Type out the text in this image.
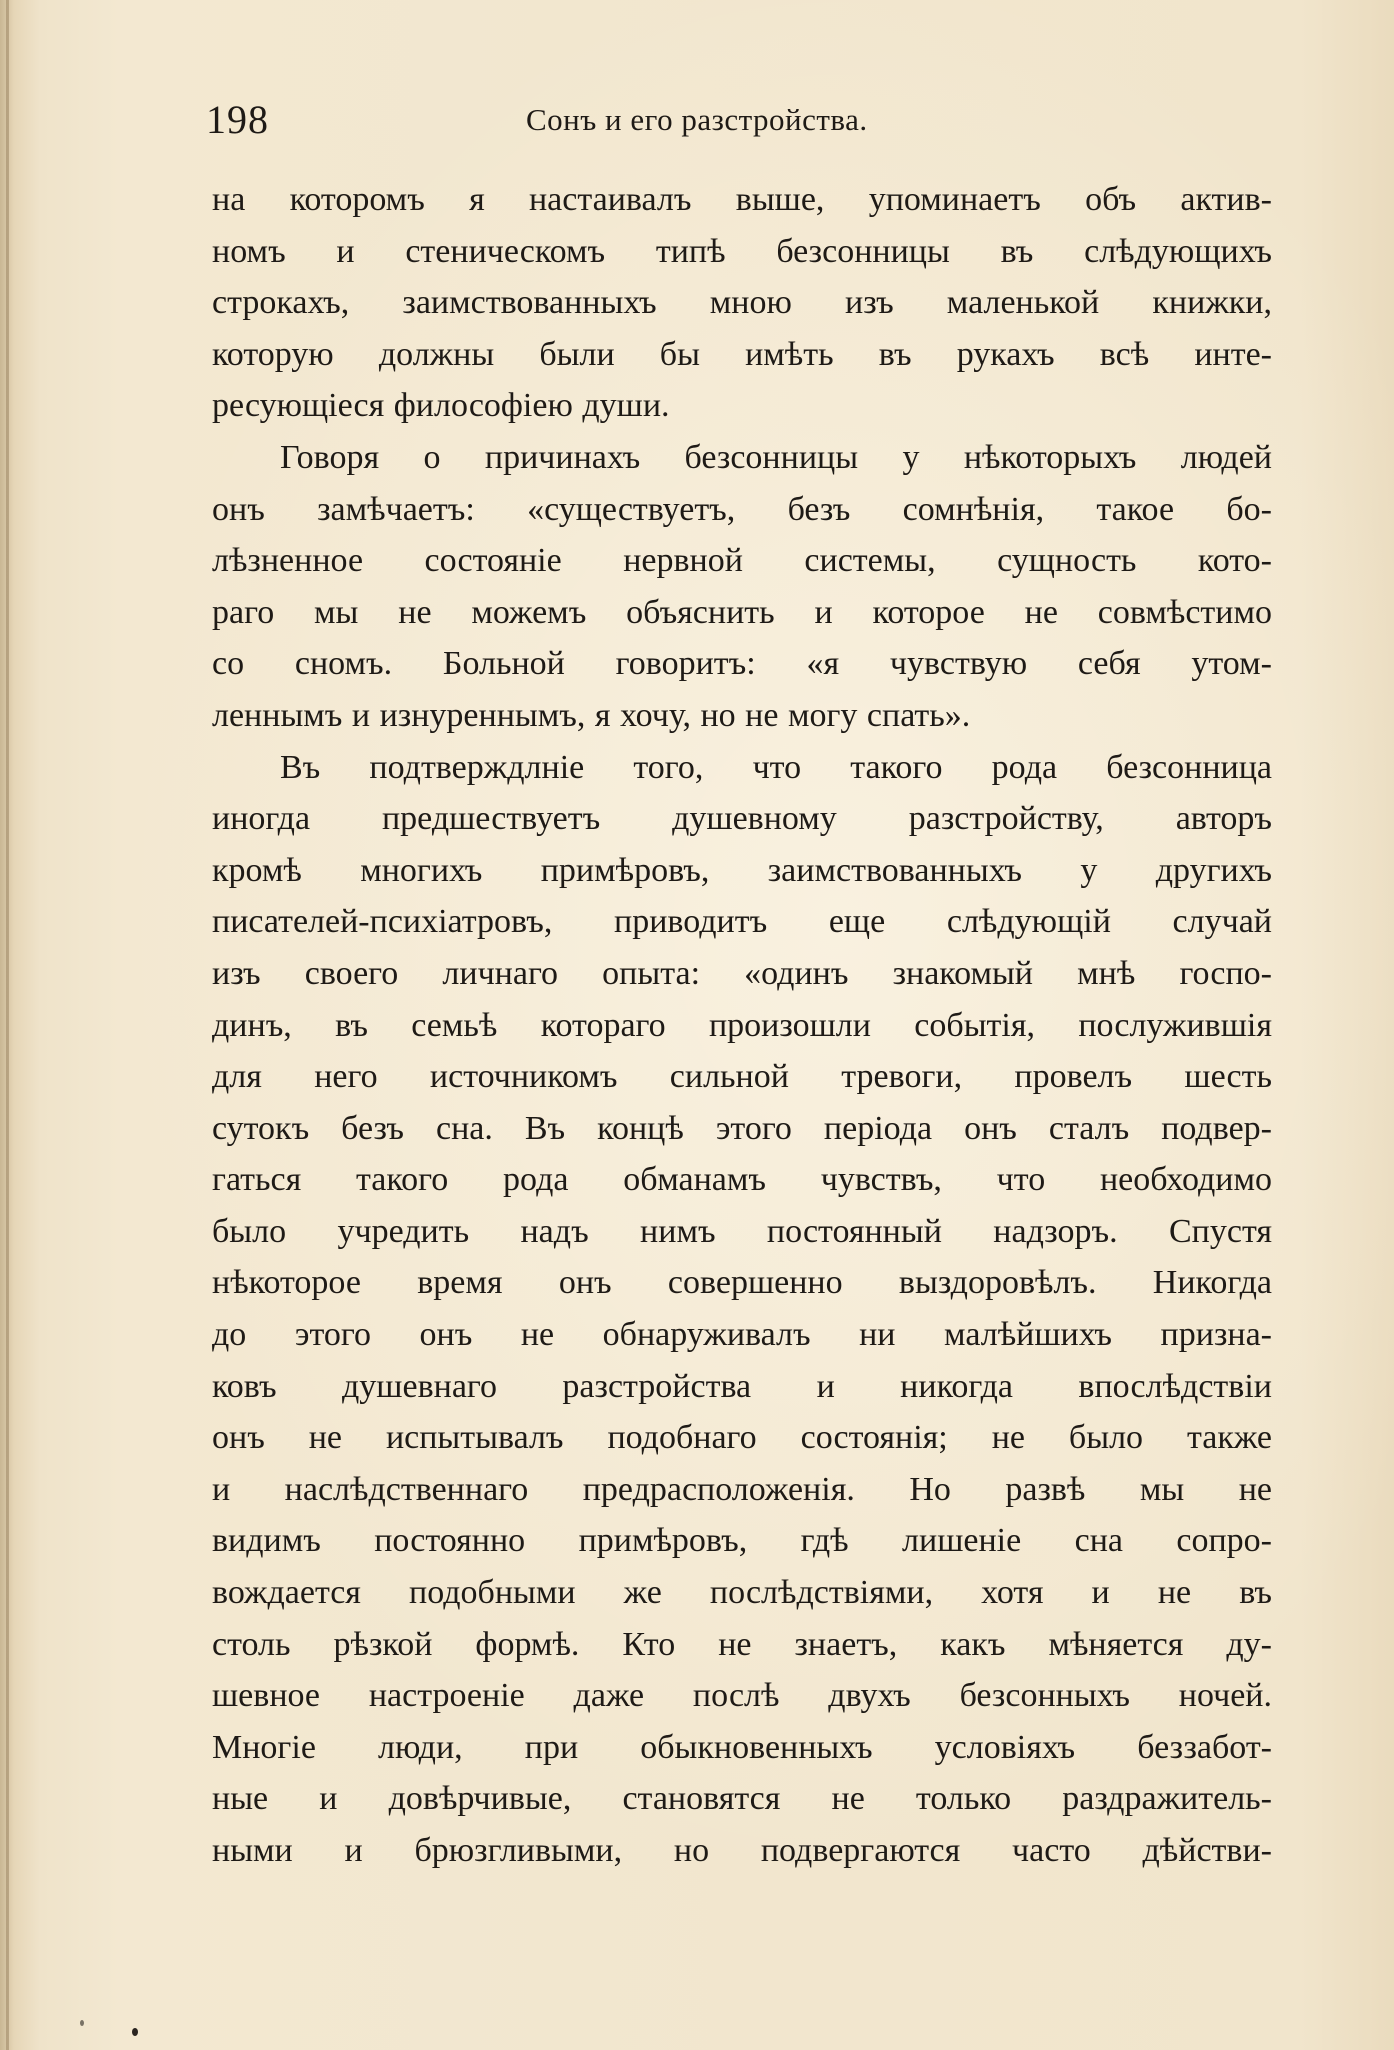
198	Сонъ и его разстройства.
на которомъ я настаивалъ выше, упоминаетъ объ актив-
номъ и стеническомъ типѣ безсонницы въ слѣдующихъ
строкахъ, заимствованныхъ мною изъ маленькой книжки,
которую должны были бы имѣть въ рукахъ всѣ инте-
ресующіеся философіею души.
Говоря о причинахъ безсонницы у нѣкоторыхъ людей
онъ замѣчаетъ: «существуетъ, безъ сомнѣнія, такое бо-
лѣзненное состояніе нервной системы, сущность кото-
раго мы не можемъ объяснить и которое не совмѣстимо
со сномъ. Больной говоритъ: «я чувствую себя утом-
леннымъ и изнуреннымъ, я хочу, но не могу спать».
Въ подтверждлніе того, что такого рода безсонница
иногда предшествуетъ душевному разстройству, авторъ
кромѣ многихъ примѣровъ, заимствованныхъ у другихъ
писателей-психіатровъ, приводитъ еще слѣдующій случай
изъ своего личнаго опыта: «одинъ знакомый мнѣ госпо-
динъ, въ семьѣ котораго произошли событія, послужившія
для него источникомъ сильной тревоги, провелъ шесть
сутокъ безъ сна. Въ концѣ этого періода онъ сталъ подвер-
гаться такого рода обманамъ чувствъ, что необходимо
было учредить надъ нимъ постоянный надзоръ. Спустя
нѣкоторое время онъ совершенно выздоровѣлъ. Никогда
до этого онъ не обнаруживалъ ни малѣйшихъ призна-
ковъ душевнаго разстройства и никогда впослѣдствіи
онъ не испытывалъ подобнаго состоянія; не было также
и наслѣдственнаго предрасположенія. Но развѣ мы не
видимъ постоянно примѣровъ, гдѣ лишеніе сна сопро-
вождается подобными же послѣдствіями, хотя и не въ
столь рѣзкой формѣ. Кто не знаетъ, какъ мѣняется ду-
шевное настроеніе даже послѣ двухъ безсонныхъ ночей.
Многіе люди, при обыкновенныхъ условіяхъ беззабот-
ные и довѣрчивые, становятся не только раздражитель-
ными и брюзгливыми, но подвергаются часто дѣйстви-
